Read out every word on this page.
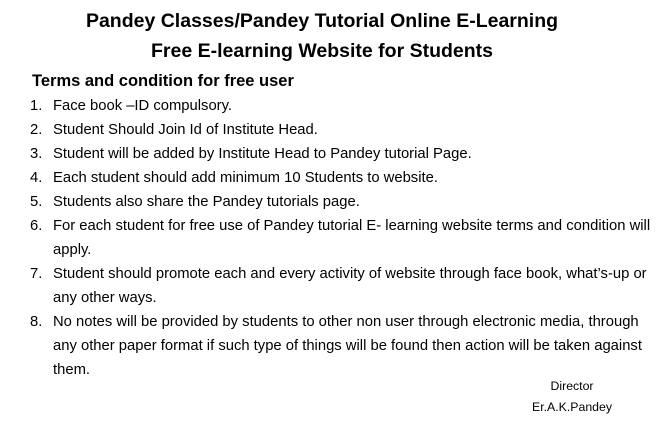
Pandey Classes/Pandey Tutorial Online E-Learning
Free E-learning Website for Students
Terms and condition for free user
1. Face book –ID compulsory.
2. Student Should Join Id of Institute Head.
3. Student will be added by Institute Head to Pandey tutorial Page.
4. Each student should add minimum 10 Students to website.
5. Students also share the Pandey tutorials page.
6. For each student for free use of Pandey tutorial E- learning website terms and condition will apply.
7. Student should promote each and every activity of website through face book, what’s-up or any other ways.
8. No notes will be provided by students to other non user through electronic media, through any other paper format if such type of things will be found then action will be taken against them.
Director
Er.A.K.Pandey
